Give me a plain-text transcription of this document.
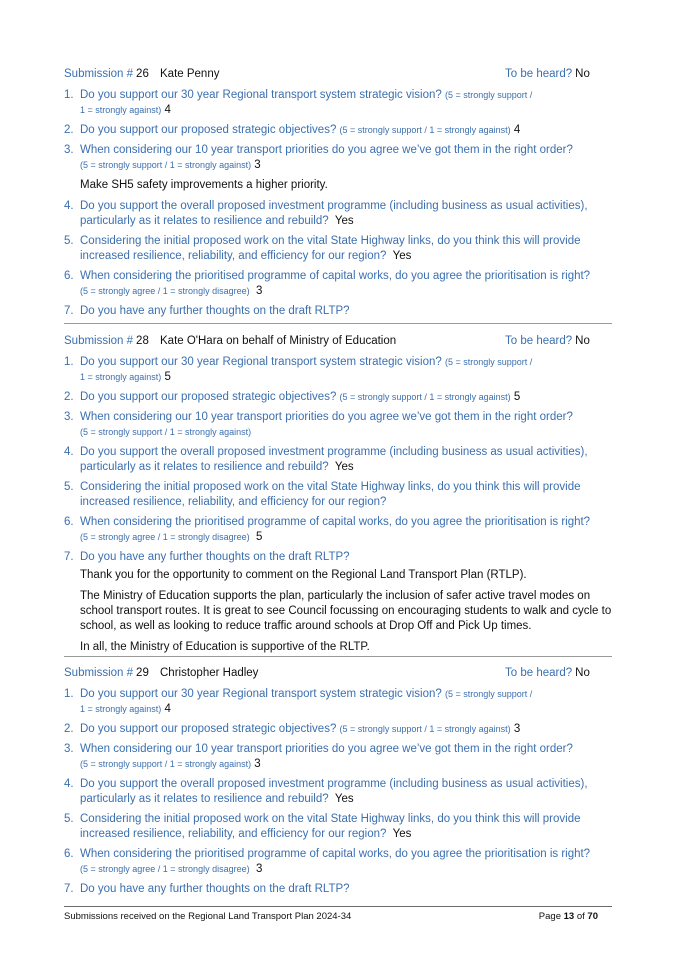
Submission # 26 Kate Penny	To be heard? No
1. Do you support our 30 year Regional transport system strategic vision? (5 = strongly support /
1 = strongly against) 4
2. Do you support our proposed strategic objectives? (5 = strongly support / 1 = strongly against) 4
3. When considering our 10 year transport priorities do you agree we’ve got them in the right order?
(5 = strongly support / 1 = strongly against) 3
Make SH5 safety improvements a higher priority.
4. Do you support the overall proposed investment programme (including business as usual activities), particularly as it relates to resilience and rebuild? Yes
5. Considering the initial proposed work on the vital State Highway links, do you think this will provide increased resilience, reliability, and efficiency for our region? Yes
6. When considering the prioritised programme of capital works, do you agree the prioritisation is right?
(5 = strongly agree / 1 = strongly disagree) 3
7. Do you have any further thoughts on the draft RLTP?
Submission # 28 Kate O'Hara on behalf of Ministry of Education	To be heard? No
1. Do you support our 30 year Regional transport system strategic vision? (5 = strongly support /
1 = strongly against) 5
2. Do you support our proposed strategic objectives? (5 = strongly support / 1 = strongly against) 5
3. When considering our 10 year transport priorities do you agree we’ve got them in the right order?
(5 = strongly support / 1 = strongly against)
4. Do you support the overall proposed investment programme (including business as usual activities), particularly as it relates to resilience and rebuild? Yes
5. Considering the initial proposed work on the vital State Highway links, do you think this will provide increased resilience, reliability, and efficiency for our region?
6. When considering the prioritised programme of capital works, do you agree the prioritisation is right?
(5 = strongly agree / 1 = strongly disagree) 5
7. Do you have any further thoughts on the draft RLTP?
Thank you for the opportunity to comment on the Regional Land Transport Plan (RTLP).
The Ministry of Education supports the plan, particularly the inclusion of safer active travel modes on school transport routes. It is great to see Council focussing on encouraging students to walk and cycle to school, as well as looking to reduce traffic around schools at Drop Off and Pick Up times.
In all, the Ministry of Education is supportive of the RLTP.
Submission # 29 Christopher Hadley	To be heard? No
1. Do you support our 30 year Regional transport system strategic vision? (5 = strongly support /
1 = strongly against) 4
2. Do you support our proposed strategic objectives? (5 = strongly support / 1 = strongly against) 3
3. When considering our 10 year transport priorities do you agree we’ve got them in the right order?
(5 = strongly support / 1 = strongly against) 3
4. Do you support the overall proposed investment programme (including business as usual activities), particularly as it relates to resilience and rebuild? Yes
5. Considering the initial proposed work on the vital State Highway links, do you think this will provide increased resilience, reliability, and efficiency for our region? Yes
6. When considering the prioritised programme of capital works, do you agree the prioritisation is right?
(5 = strongly agree / 1 = strongly disagree) 3
7. Do you have any further thoughts on the draft RLTP?
Submissions received on the Regional Land Transport Plan 2024-34	Page 13 of 70
